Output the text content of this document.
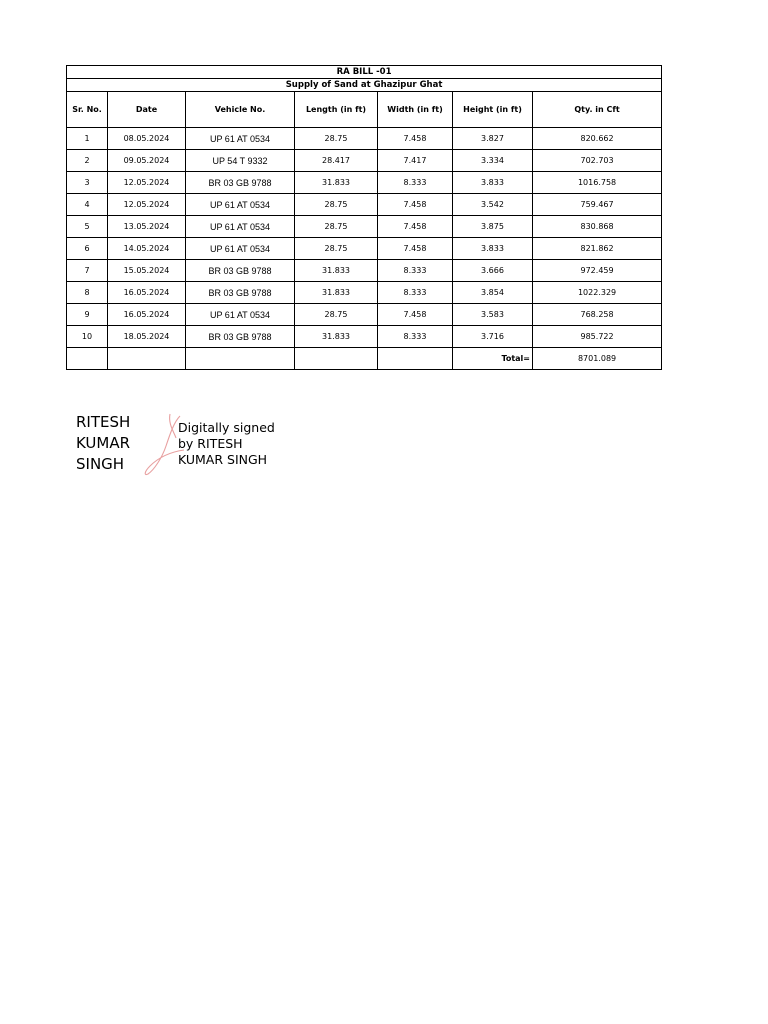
RA BILL -01						
Supply of Sand at Ghazipur Ghat						
Sr. No.	Date	Vehicle No.	Length (in ft)	Width (in ft)	Height (in ft)	Qty. in Cft
1	08.05.2024	UP 61 AT 0534	28.75	7.458	3.827	820.662
2	09.05.2024	UP 54 T 9332	28.417	7.417	3.334	702.703
3	12.05.2024	BR 03 GB 9788	31.833	8.333	3.833	1016.758
4	12.05.2024	UP 61 AT 0534	28.75	7.458	3.542	759.467
5	13.05.2024	UP 61 AT 0534	28.75	7.458	3.875	830.868
6	14.05.2024	UP 61 AT 0534	28.75	7.458	3.833	821.862
7	15.05.2024	BR 03 GB 9788	31.833	8.333	3.666	972.459
8	16.05.2024	BR 03 GB 9788	31.833	8.333	3.854	1022.329
9	16.05.2024	UP 61 AT 0534	28.75	7.458	3.583	768.258
10	18.05.2024	BR 03 GB 9788	31.833	8.333	3.716	985.722
					Total=	8701.089
RITESH
KUMAR
SINGH
Digitally signed
by RITESH
KUMAR SINGH
